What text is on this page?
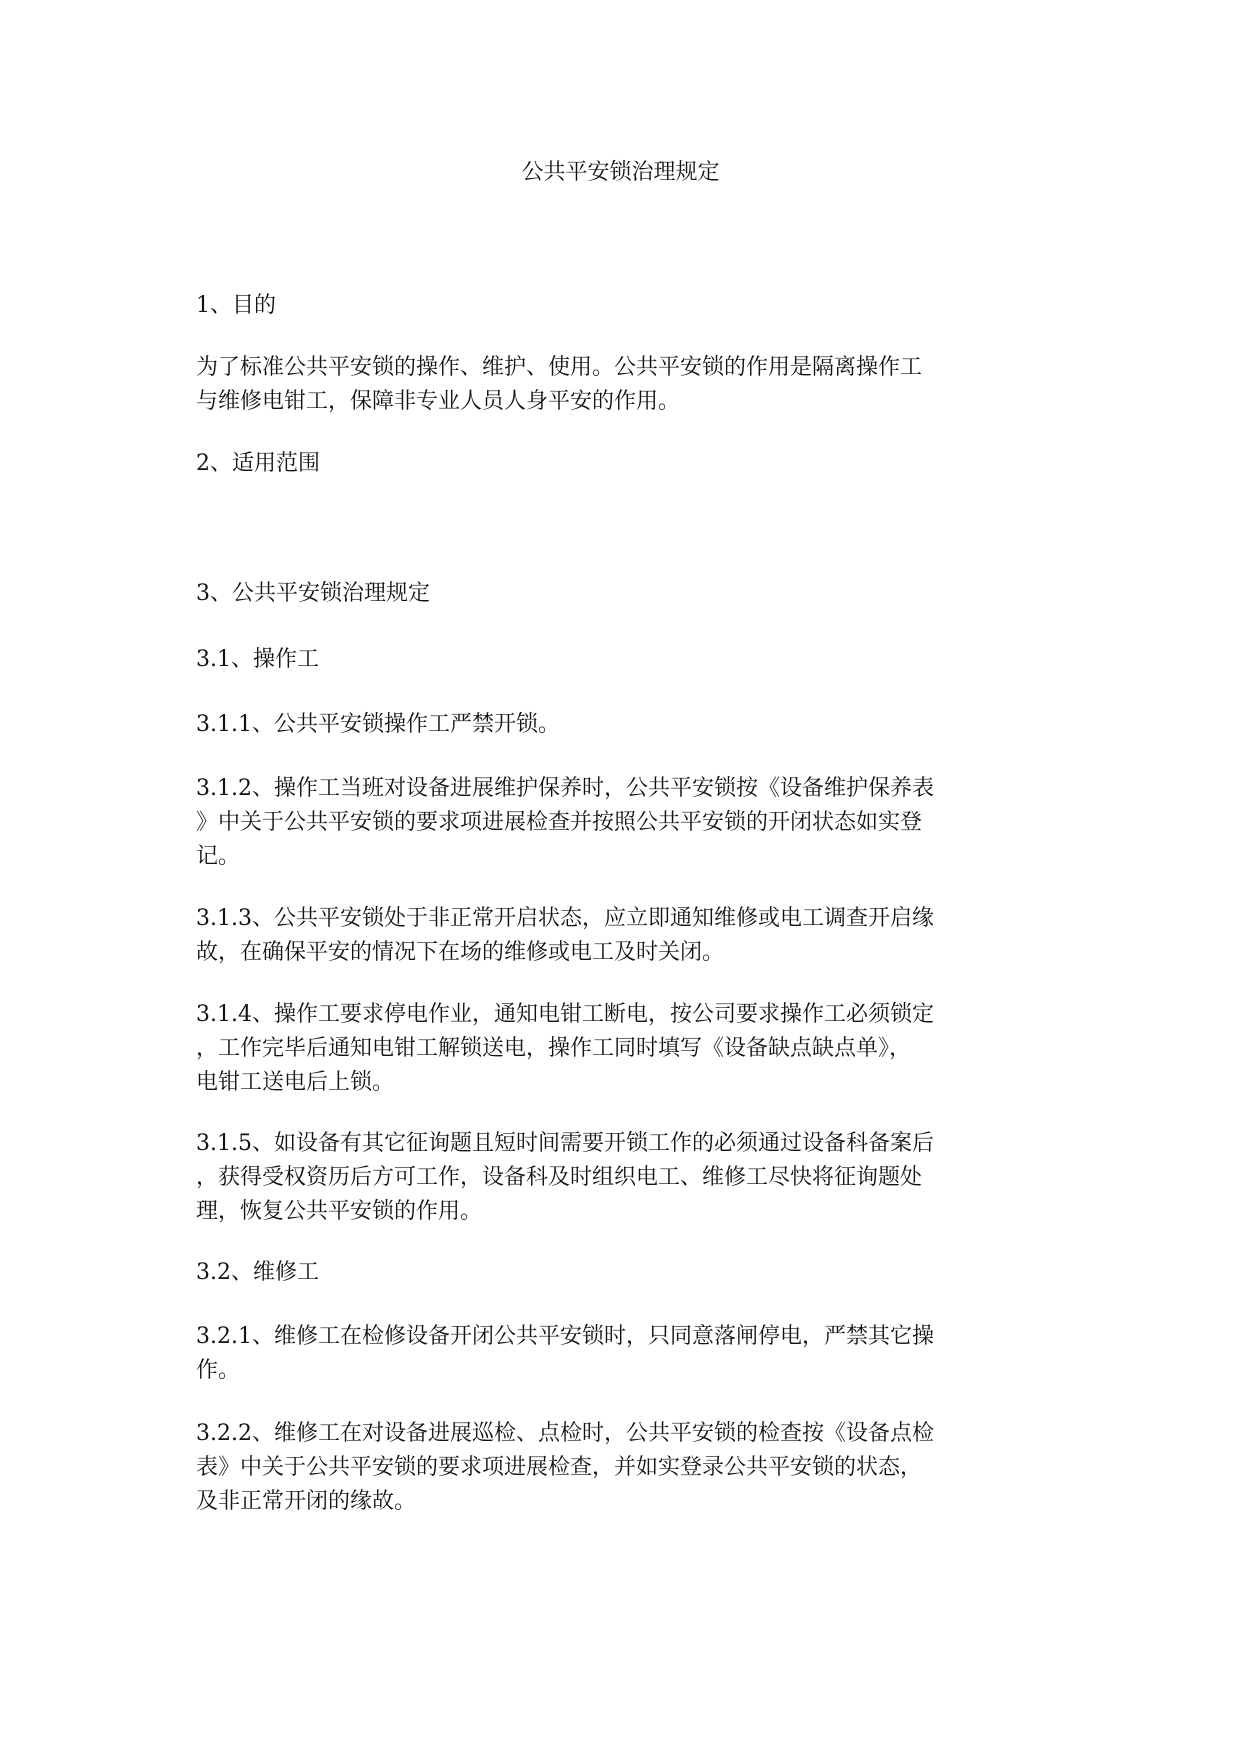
公共平安锁治理规定

1、目的

为了标准公共平安锁的操作、维护、使用。公共平安锁的作用是隔离操作工
与维修电钳工，保障非专业人员人身平安的作用。

2、适用范围

3、公共平安锁治理规定

3.1、操作工

3.1.1、公共平安锁操作工严禁开锁。

3.1.2、操作工当班对设备进展维护保养时，公共平安锁按《设备维护保养表
》中关于公共平安锁的要求项进展检查并按照公共平安锁的开闭状态如实登
记。

3.1.3、公共平安锁处于非正常开启状态，应立即通知维修或电工调查开启缘
故，在确保平安的情况下在场的维修或电工及时关闭。

3.1.4、操作工要求停电作业，通知电钳工断电，按公司要求操作工必须锁定
，工作完毕后通知电钳工解锁送电，操作工同时填写《设备缺点缺点单》，
电钳工送电后上锁。

3.1.5、如设备有其它征询题且短时间需要开锁工作的必须通过设备科备案后
，获得受权资历后方可工作，设备科及时组织电工、维修工尽快将征询题处
理，恢复公共平安锁的作用。

3.2、维修工

3.2.1、维修工在检修设备开闭公共平安锁时，只同意落闸停电，严禁其它操
作。

3.2.2、维修工在对设备进展巡检、点检时，公共平安锁的检查按《设备点检
表》中关于公共平安锁的要求项进展检查，并如实登录公共平安锁的状态，
及非正常开闭的缘故。
